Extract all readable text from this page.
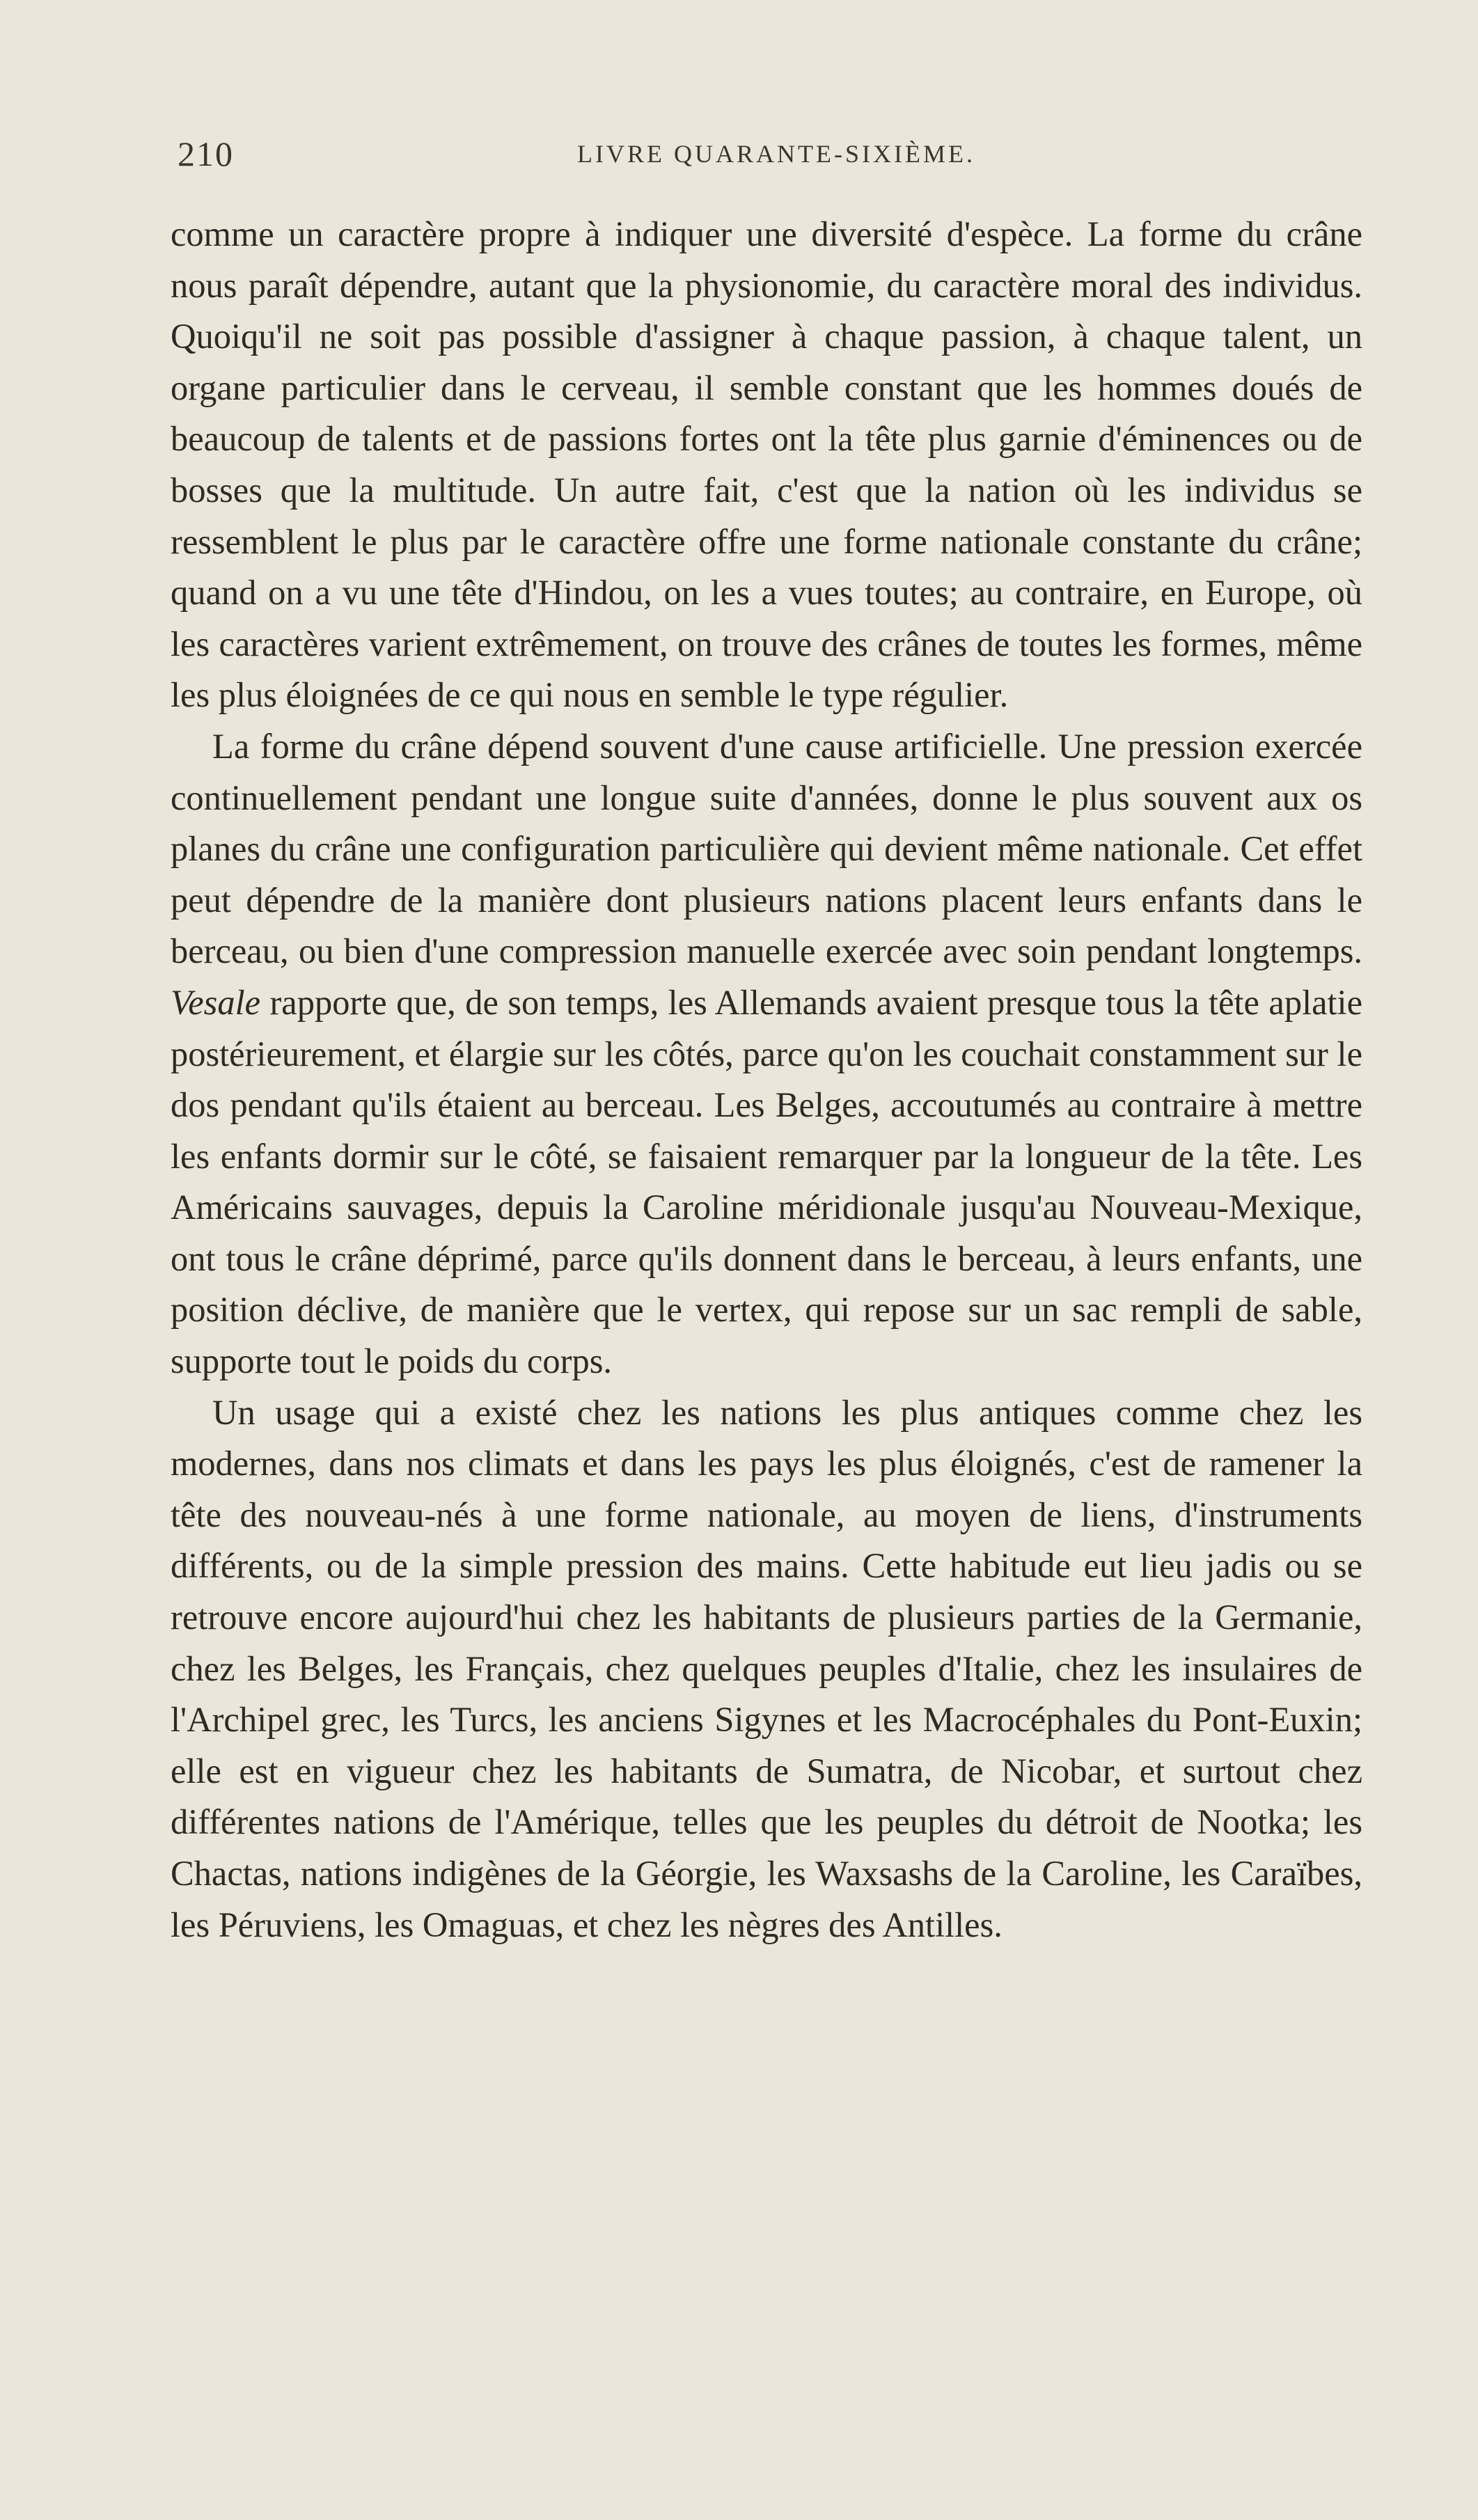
210	LIVRE QUARANTE-SIXIÈME.

comme un caractère propre à indiquer une diversité d'espèce. La forme du crâne nous paraît dépendre, autant que la physionomie, du caractère moral des individus. Quoiqu'il ne soit pas possible d'assigner à chaque passion, à chaque talent, un organe particulier dans le cerveau, il semble constant que les hommes doués de beaucoup de talents et de passions fortes ont la tête plus garnie d'éminences ou de bosses que la multitude. Un autre fait, c'est que la nation où les individus se ressemblent le plus par le caractère offre une forme nationale constante du crâne; quand on a vu une tête d'Hindou, on les a vues toutes; au contraire, en Europe, où les caractères varient extrêmement, on trouve des crânes de toutes les formes, même les plus éloignées de ce qui nous en semble le type régulier.

La forme du crâne dépend souvent d'une cause artificielle. Une pression exercée continuellement pendant une longue suite d'années, donne le plus souvent aux os planes du crâne une configuration particulière qui devient même nationale. Cet effet peut dépendre de la manière dont plusieurs nations placent leurs enfants dans le berceau, ou bien d'une compression manuelle exercée avec soin pendant longtemps. Vesale rapporte que, de son temps, les Allemands avaient presque tous la tête aplatie postérieurement, et élargie sur les côtés, parce qu'on les couchait constamment sur le dos pendant qu'ils étaient au berceau. Les Belges, accoutumés au contraire à mettre les enfants dormir sur le côté, se faisaient remarquer par la longueur de la tête. Les Américains sauvages, depuis la Caroline méridionale jusqu'au Nouveau-Mexique, ont tous le crâne déprimé, parce qu'ils donnent dans le berceau, à leurs enfants, une position déclive, de manière que le vertex, qui repose sur un sac rempli de sable, supporte tout le poids du corps.

Un usage qui a existé chez les nations les plus antiques comme chez les modernes, dans nos climats et dans les pays les plus éloignés, c'est de ramener la tête des nouveau-nés à une forme nationale, au moyen de liens, d'instruments différents, ou de la simple pression des mains. Cette habitude eut lieu jadis ou se retrouve encore aujourd'hui chez les habitants de plusieurs parties de la Germanie, chez les Belges, les Français, chez quelques peuples d'Italie, chez les insulaires de l'Archipel grec, les Turcs, les anciens Sigynes et les Macrocéphales du Pont-Euxin; elle est en vigueur chez les habitants de Sumatra, de Nicobar, et surtout chez différentes nations de l'Amérique, telles que les peuples du détroit de Nootka; les Chactas, nations indigènes de la Géorgie, les Waxsashs de la Caroline, les Caraïbes, les Péruviens, les Omaguas, et chez les nègres des Antilles.
